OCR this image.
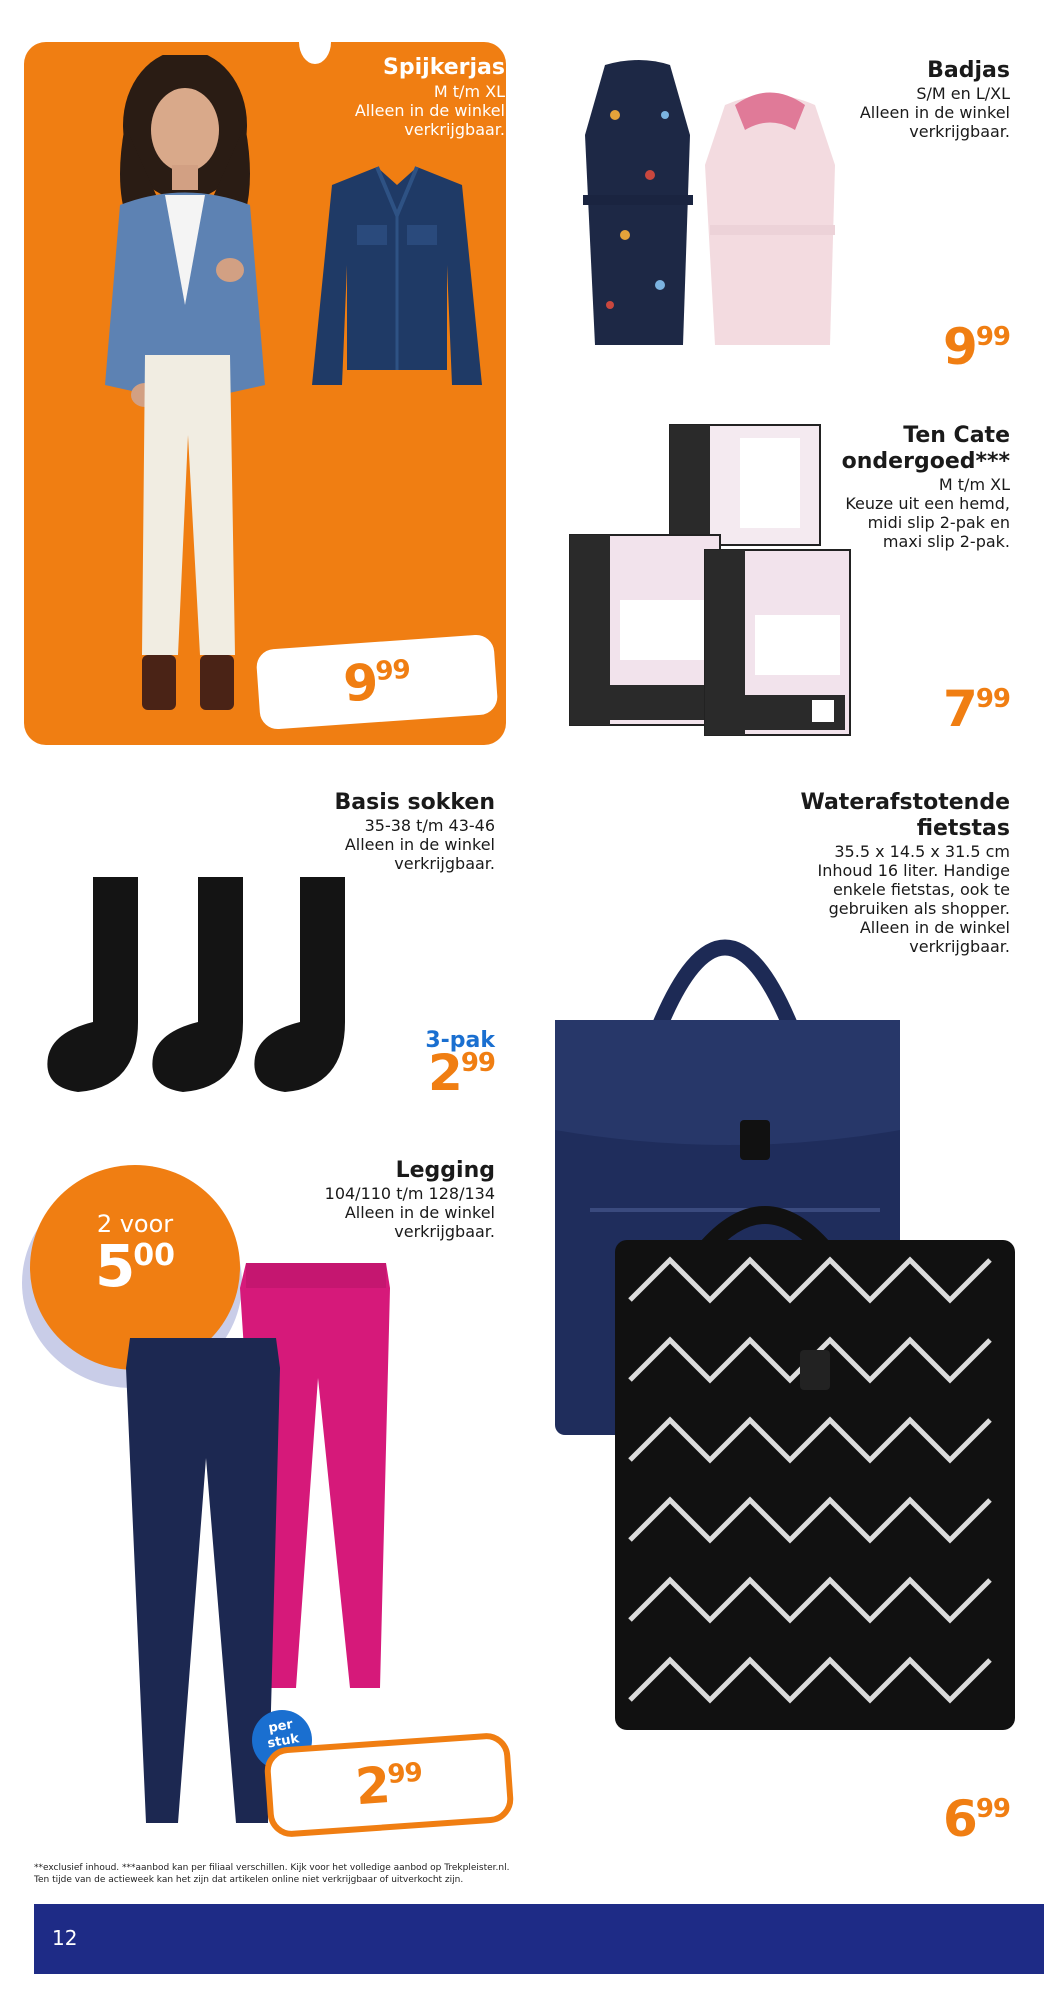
Spijkerjas
M t/m XL
Alleen in de winkel
verkrijgbaar.
999
Badjas
S/M en L/XL
Alleen in de winkel
verkrijgbaar.
999
Ten Cate
ondergoed***
M t/m XL
Keuze uit een hemd,
midi slip 2-pak en
maxi slip 2-pak.
799
Basis sokken
35-38 t/m 43-46
Alleen in de winkel
verkrijgbaar.
3-pak
299
2 voor
500
Legging
104/110 t/m 128/134
Alleen in de winkel
verkrijgbaar.
per
stuk
299
Waterafstotende
fietstas
35.5 x 14.5 x 31.5 cm
Inhoud 16 liter. Handige
enkele fietstas, ook te
gebruiken als shopper.
Alleen in de winkel
verkrijgbaar.
699
**exclusief inhoud. ***aanbod kan per filiaal verschillen. Kijk voor het volledige aanbod op Trekpleister.nl.
Ten tijde van de actieweek kan het zijn dat artikelen online niet verkrijgbaar of uitverkocht zijn.
12
